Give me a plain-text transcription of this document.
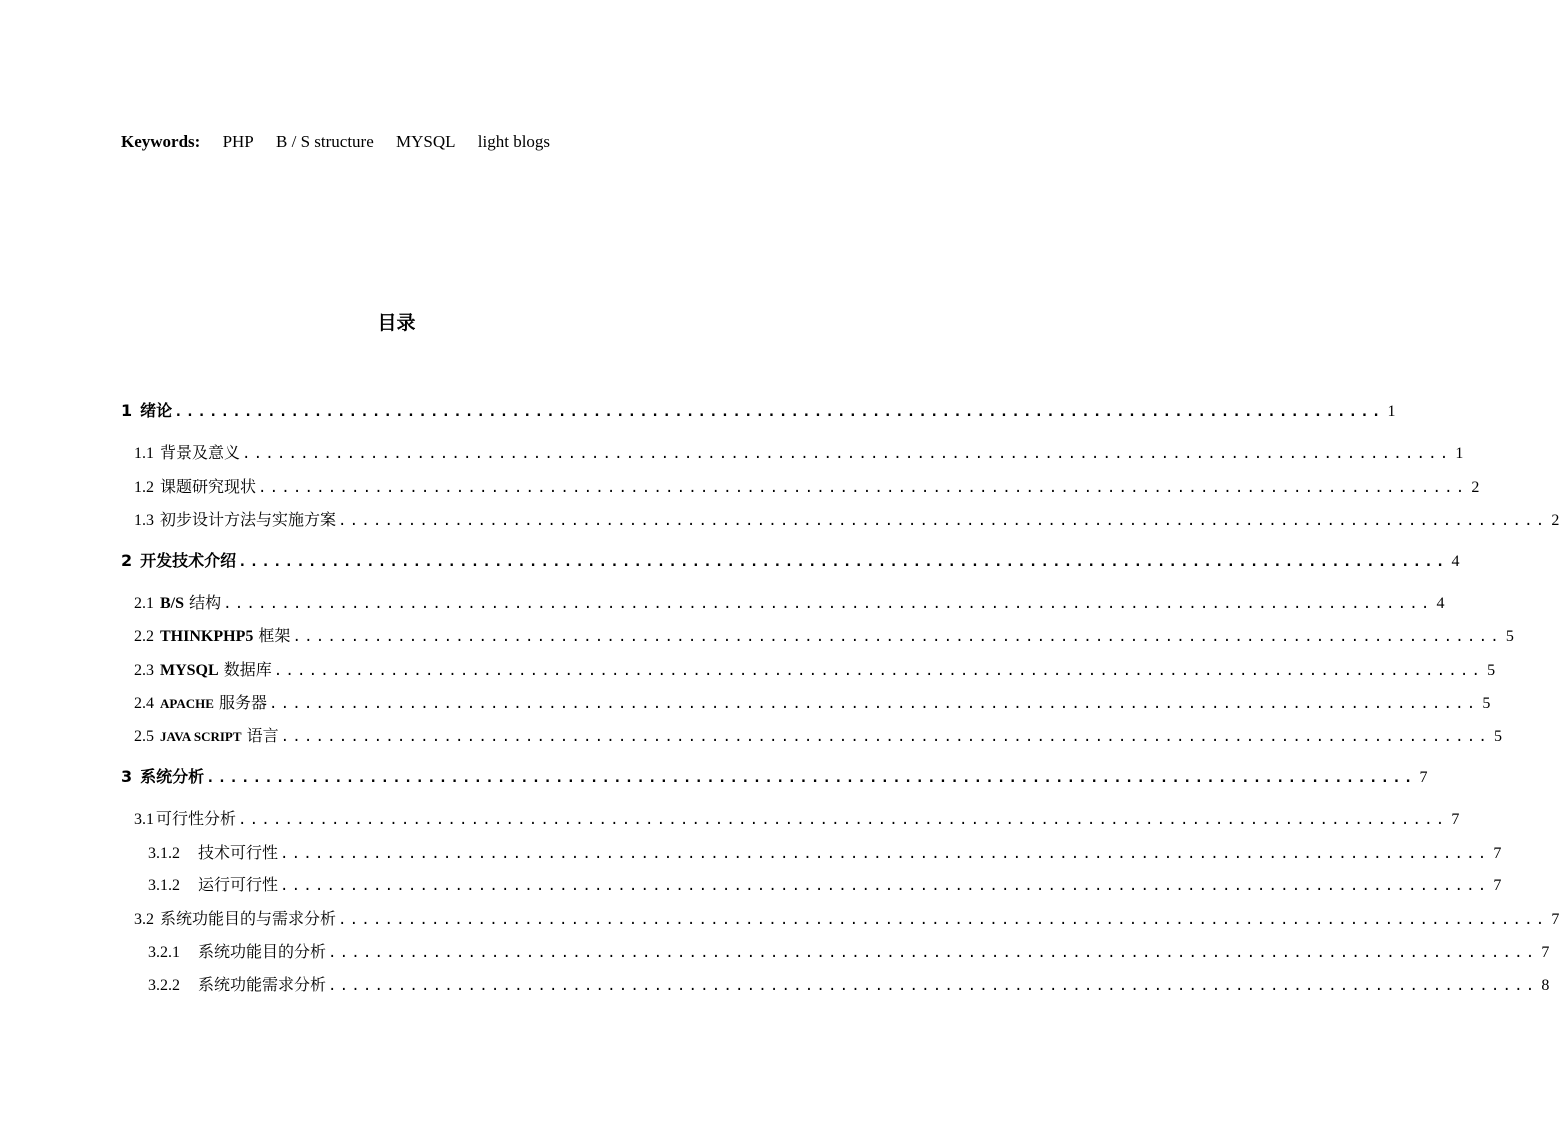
Keywords: PHP B / S structure MYSQL light blogs
目录
1 绪论 ........................................................................................................ 1
1.1 背景及意义 ........................................................................................................ 1
1.2 课题研究现状 ........................................................................................................ 2
1.3 初步设计方法与实施方案 ........................................................................................................ 2
2 开发技术介绍 ........................................................................................................ 4
2.1 B/S 结构 ........................................................................................................ 4
2.2 THINKPHP5 框架 ........................................................................................................ 5
2.3 MYSQL 数据库 ........................................................................................................ 5
2.4 APACHE 服务器 ........................................................................................................ 5
2.5 JAVA SCRIPT 语言 ........................................................................................................ 5
3 系统分析 ........................................................................................................ 7
3.1 可行性分析 ........................................................................................................ 7
3.1.2 技术可行性 ........................................................................................................ 7
3.1.2 运行可行性 ........................................................................................................ 7
3.2 系统功能目的与需求分析 ........................................................................................................ 7
3.2.1 系统功能目的分析 ........................................................................................................ 7
3.2.2 系统功能需求分析 ........................................................................................................ 8
